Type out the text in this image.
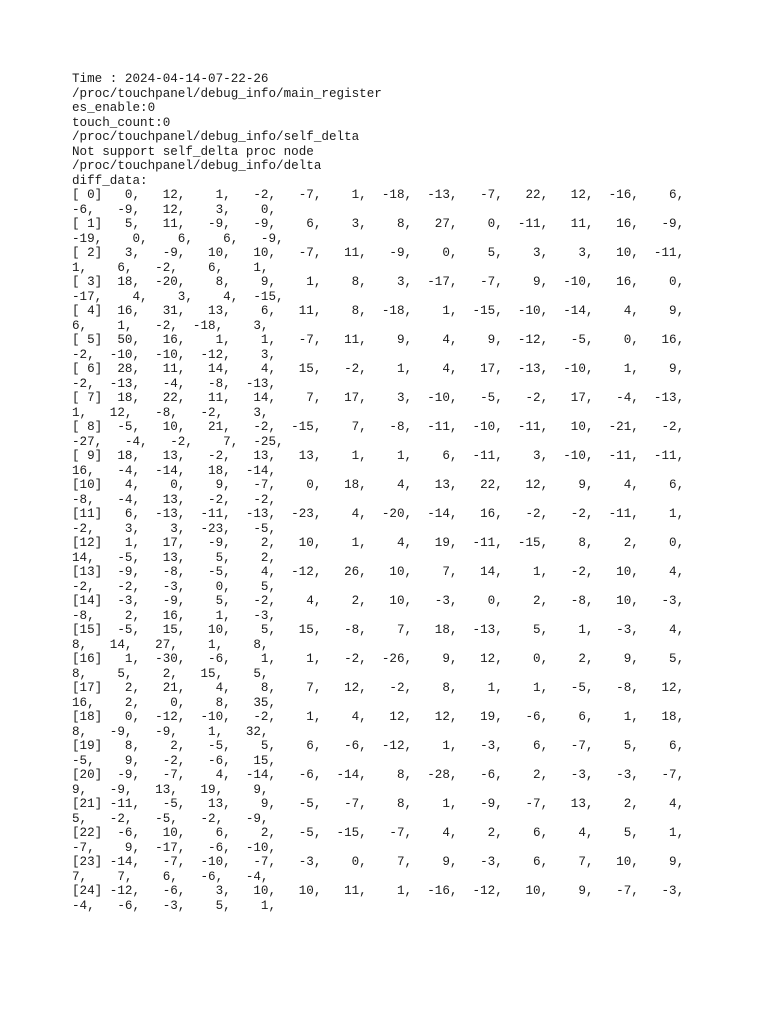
Time : 2024-04-14-07-22-26
/proc/touchpanel/debug_info/main_register
es_enable:0
touch_count:0
/proc/touchpanel/debug_info/self_delta
Not support self_delta proc node
/proc/touchpanel/debug_info/delta
diff_data:
[ 0]   0,   12,    1,   -2,   -7,    1,  -18,  -13,   -7,   22,   12,  -16,    6,
-6,   -9,   12,    3,    0,
[ 1]   5,   11,   -9,   -9,    6,    3,    8,   27,    0,  -11,   11,   16,   -9,
-19,    0,    6,    6,   -9,
[ 2]   3,   -9,   10,   10,   -7,   11,   -9,    0,    5,    3,    3,   10,  -11,
1,    6,   -2,    6,    1,
[ 3]  18,  -20,    8,    9,    1,    8,    3,  -17,   -7,    9,  -10,   16,    0,
-17,    4,    3,    4,  -15,
[ 4]  16,   31,   13,    6,   11,    8,  -18,    1,  -15,  -10,  -14,    4,    9,
6,    1,   -2,  -18,    3,
[ 5]  50,   16,    1,    1,   -7,   11,    9,    4,    9,  -12,   -5,    0,   16,
-2,  -10,  -10,  -12,    3,
[ 6]  28,   11,   14,    4,   15,   -2,    1,    4,   17,  -13,  -10,    1,    9,
-2,  -13,   -4,   -8,  -13,
[ 7]  18,   22,   11,   14,    7,   17,    3,  -10,   -5,   -2,   17,   -4,  -13,
1,   12,   -8,   -2,    3,
[ 8]  -5,   10,   21,   -2,  -15,    7,   -8,  -11,  -10,  -11,   10,  -21,   -2,
-27,   -4,   -2,    7,  -25,
[ 9]  18,   13,   -2,   13,   13,    1,    1,    6,  -11,    3,  -10,  -11,  -11,
16,   -4,  -14,   18,  -14,
[10]   4,    0,    9,   -7,    0,   18,    4,   13,   22,   12,    9,    4,    6,
-8,   -4,   13,   -2,   -2,
[11]   6,  -13,  -11,  -13,  -23,    4,  -20,  -14,   16,   -2,   -2,  -11,    1,
-2,    3,    3,  -23,   -5,
[12]   1,   17,   -9,    2,   10,    1,    4,   19,  -11,  -15,    8,    2,    0,
14,   -5,   13,    5,    2,
[13]  -9,   -8,   -5,    4,  -12,   26,   10,    7,   14,    1,   -2,   10,    4,
-2,   -2,   -3,    0,    5,
[14]  -3,   -9,    5,   -2,    4,    2,   10,   -3,    0,    2,   -8,   10,   -3,
-8,    2,   16,    1,   -3,
[15]  -5,   15,   10,    5,   15,   -8,    7,   18,  -13,    5,    1,   -3,    4,
8,   14,   27,    1,    8,
[16]   1,  -30,   -6,    1,    1,   -2,  -26,    9,   12,    0,    2,    9,    5,
8,    5,    2,   15,    5,
[17]   2,   21,    4,    8,    7,   12,   -2,    8,    1,    1,   -5,   -8,   12,
16,    2,    0,    8,   35,
[18]   0,  -12,  -10,   -2,    1,    4,   12,   12,   19,   -6,    6,    1,   18,
8,   -9,   -9,    1,   32,
[19]   8,    2,   -5,    5,    6,   -6,  -12,    1,   -3,    6,   -7,    5,    6,
-5,    9,   -2,   -6,   15,
[20]  -9,   -7,    4,  -14,   -6,  -14,    8,  -28,   -6,    2,   -3,   -3,   -7,
9,   -9,   13,   19,    9,
[21] -11,   -5,   13,    9,   -5,   -7,    8,    1,   -9,   -7,   13,    2,    4,
5,   -2,   -5,   -2,   -9,
[22]  -6,   10,    6,    2,   -5,  -15,   -7,    4,    2,    6,    4,    5,    1,
-7,    9,  -17,   -6,  -10,
[23] -14,   -7,  -10,   -7,   -3,    0,    7,    9,   -3,    6,    7,   10,    9,
7,    7,    6,   -6,   -4,
[24] -12,   -6,    3,   10,   10,   11,    1,  -16,  -12,   10,    9,   -7,   -3,
-4,   -6,   -3,    5,    1,
